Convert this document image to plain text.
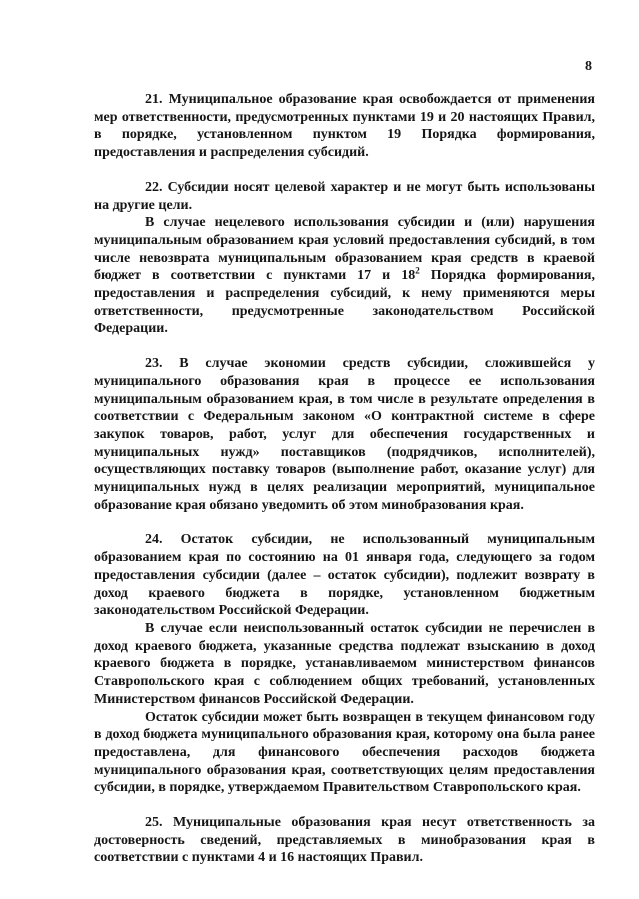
8

21. Муниципальное образование края освобождается от применения мер ответственности, предусмотренных пунктами 19 и 20 настоящих Правил, в порядке, установленном пунктом 19 Порядка формирования, предоставления и распределения субсидий.

22. Субсидии носят целевой характер и не могут быть использованы на другие цели.

В случае нецелевого использования субсидии и (или) нарушения муниципальным образованием края условий предоставления субсидий, в том числе невозврата муниципальным образованием края средств в краевой бюджет в соответствии с пунктами 17 и $18^2$ Порядка формирования, предоставления и распределения субсидий, к нему применяются меры ответственности, предусмотренные законодательством Российской Федерации.

23. В случае экономии средств субсидии, сложившейся у муниципального образования края в процессе ее использования муниципальным образованием края, в том числе в результате определения в соответствии с Федеральным законом «О контрактной системе в сфере закупок товаров, работ, услуг для обеспечения государственных и муниципальных нужд» поставщиков (подрядчиков, исполнителей), осуществляющих поставку товаров (выполнение работ, оказание услуг) для муниципальных нужд в целях реализации мероприятий, муниципальное образование края обязано уведомить об этом минобразования края.

24. Остаток субсидии, не использованный муниципальным образованием края по состоянию на 01 января года, следующего за годом предоставления субсидии (далее – остаток субсидии), подлежит возврату в доход краевого бюджета в порядке, установленном бюджетным законодательством Российской Федерации.

В случае если неиспользованный остаток субсидии не перечислен в доход краевого бюджета, указанные средства подлежат взысканию в доход краевого бюджета в порядке, устанавливаемом министерством финансов Ставропольского края с соблюдением общих требований, установленных Министерством финансов Российской Федерации.

Остаток субсидии может быть возвращен в текущем финансовом году в доход бюджета муниципального образования края, которому она была ранее предоставлена, для финансового обеспечения расходов бюджета муниципального образования края, соответствующих целям предоставления субсидии, в порядке, утверждаемом Правительством Ставропольского края.

25. Муниципальные образования края несут ответственность за достоверность сведений, представляемых в минобразования края в соответствии с пунктами 4 и 16 настоящих Правил.
